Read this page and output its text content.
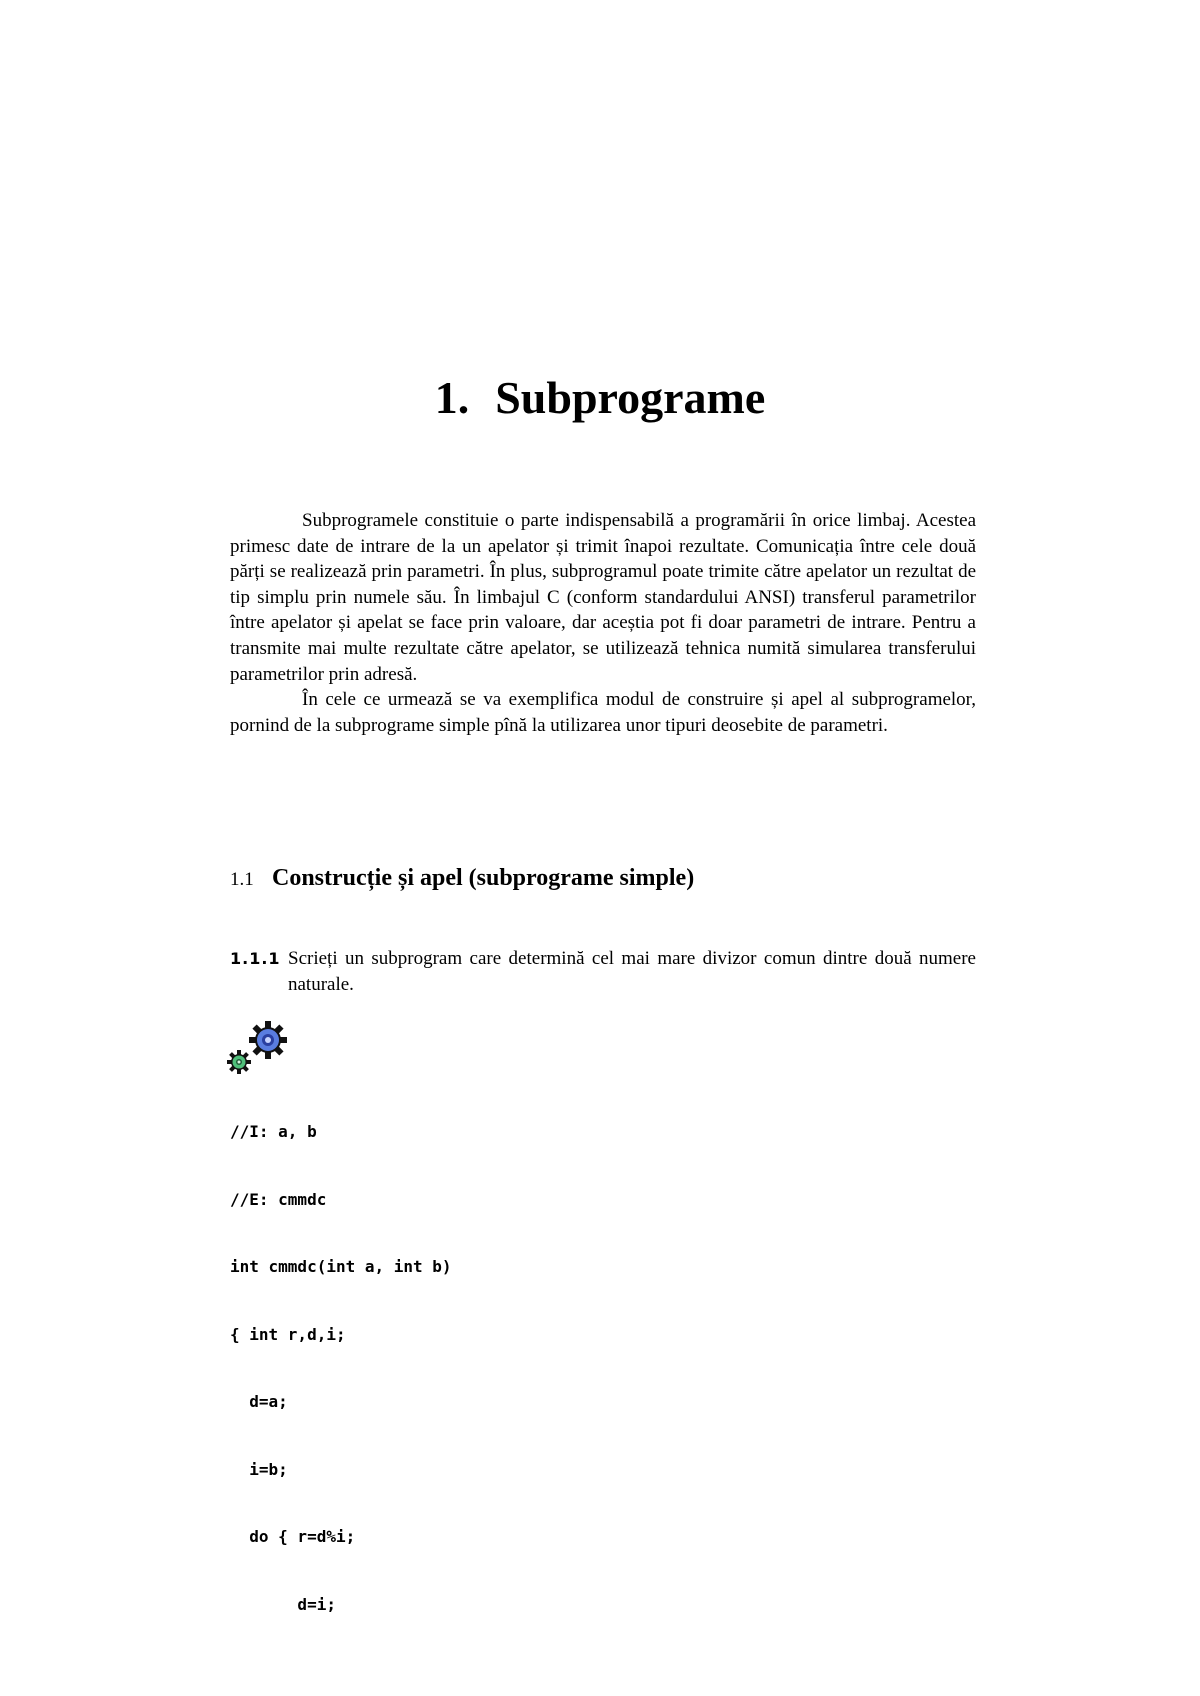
1. Subprograme

Subprogramele constituie o parte indispensabilă a programării în orice limbaj. Acestea primesc date de intrare de la un apelator și trimit înapoi rezultate. Comunicația între cele două părți se realizează prin parametri. În plus, subprogramul poate trimite către apelator un rezultat de tip simplu prin numele său. În limbajul C (conform standardului ANSI) transferul parametrilor între apelator și apelat se face prin valoare, dar aceștia pot fi doar parametri de intrare. Pentru a transmite mai multe rezultate către apelator, se utilizează tehnica numită simularea transferului parametrilor prin adresă.

În cele ce urmează se va exemplifica modul de construire și apel al subprogramelor, pornind de la subprograme simple pînă la utilizarea unor tipuri deosebite de parametri.

1.1 Construcție și apel (subprograme simple)
1.1.1 Scrieți un subprogram care determină cel mai mare divizor comun dintre două numere naturale.

//I: a, b

//E: cmmdc

int cmmdc(int a, int b)

{ int r,d,i;

d=a;

i=b;

do { r=d%i;

d=i;
